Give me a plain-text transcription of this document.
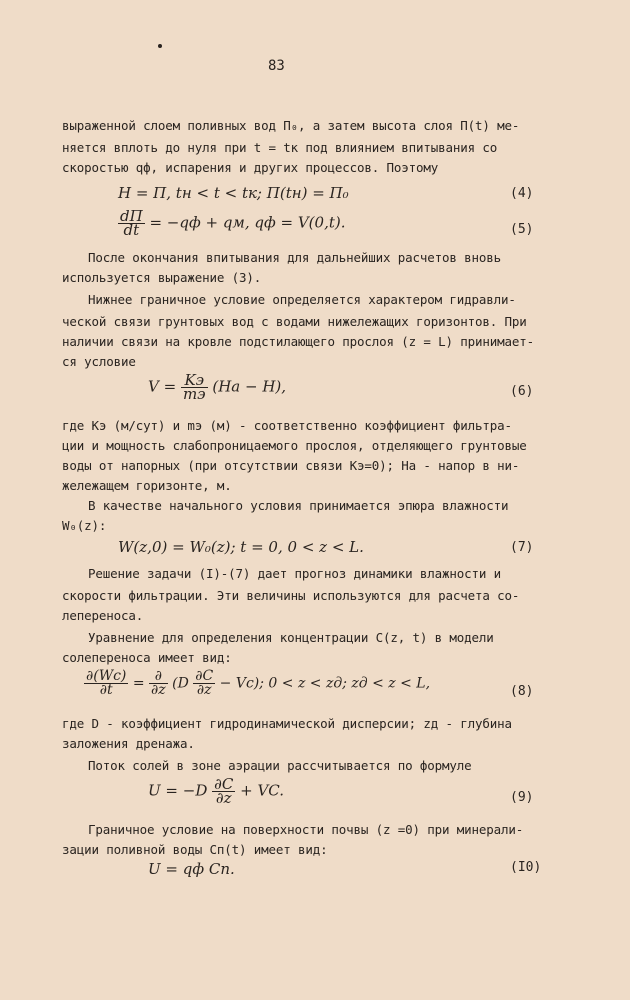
83
выраженной слоем поливных вод П₀, а затем высота слоя П(t) ме-
няется вплоть до нуля при t = tк под влиянием впитывания со
скоростью qф, испарения и других процессов. Поэтому
H = П, tн < t < tк; П(tн) = П₀	(4)
$\frac{dП}{dt} = -qф$ + qм, qф = V(0,t).	(5)
После окончания впитывания для дальнейших расчетов вновь
используется выражение (3).
Нижнее граничное условие определяется характером гидравли-
ческой связи грунтовых вод с водами нижележащих горизонтов. При
наличии связи на кровле подстилающего прослоя (z = L) принимает-
ся условие
$V = \frac{Kэ}{mэ} (Ha - H)$,	(6)
где Кэ (м/сут) и mэ (м) - соответственно коэффициент фильтра-
ции и мощность слабопроницаемого прослоя, отделяющего грунтовые
воды от напорных (при отсутствии связи Кэ=0); Нa - напор в ни-
жележащем горизонте, м.
В качестве начального условия принимается эпюра влажности
W₀(z):
W(z,0) = W₀(z); t = 0, 0 < z < L.	(7)
Решение задачи (I)-(7) дает прогноз динамики влажности и
скорости фильтрации. Эти величины используются для расчета со-
лепереноса.
Уравнение для определения концентрации C(z, t) в модели
солепереноса имеет вид:
$\frac{\partial(Wc)}{\partial t} = \frac{\partial}{\partial z} (D \frac{\partial C}{\partial z} - Vc)$; 0 < z < zд; zд < z < L,	(8)
где D - коэффициент гидродинамической дисперсии; zд - глубина
заложения дренажа.
Поток солей в зоне аэрации рассчитывается по формуле
$U = -D \frac{\partial C}{\partial z}$ + VC.	(9)
Граничное условие на поверхности почвы (z =0) при минерали-
зации поливной воды Cп(t) имеет вид:
U = qф Cп.	(I0)
